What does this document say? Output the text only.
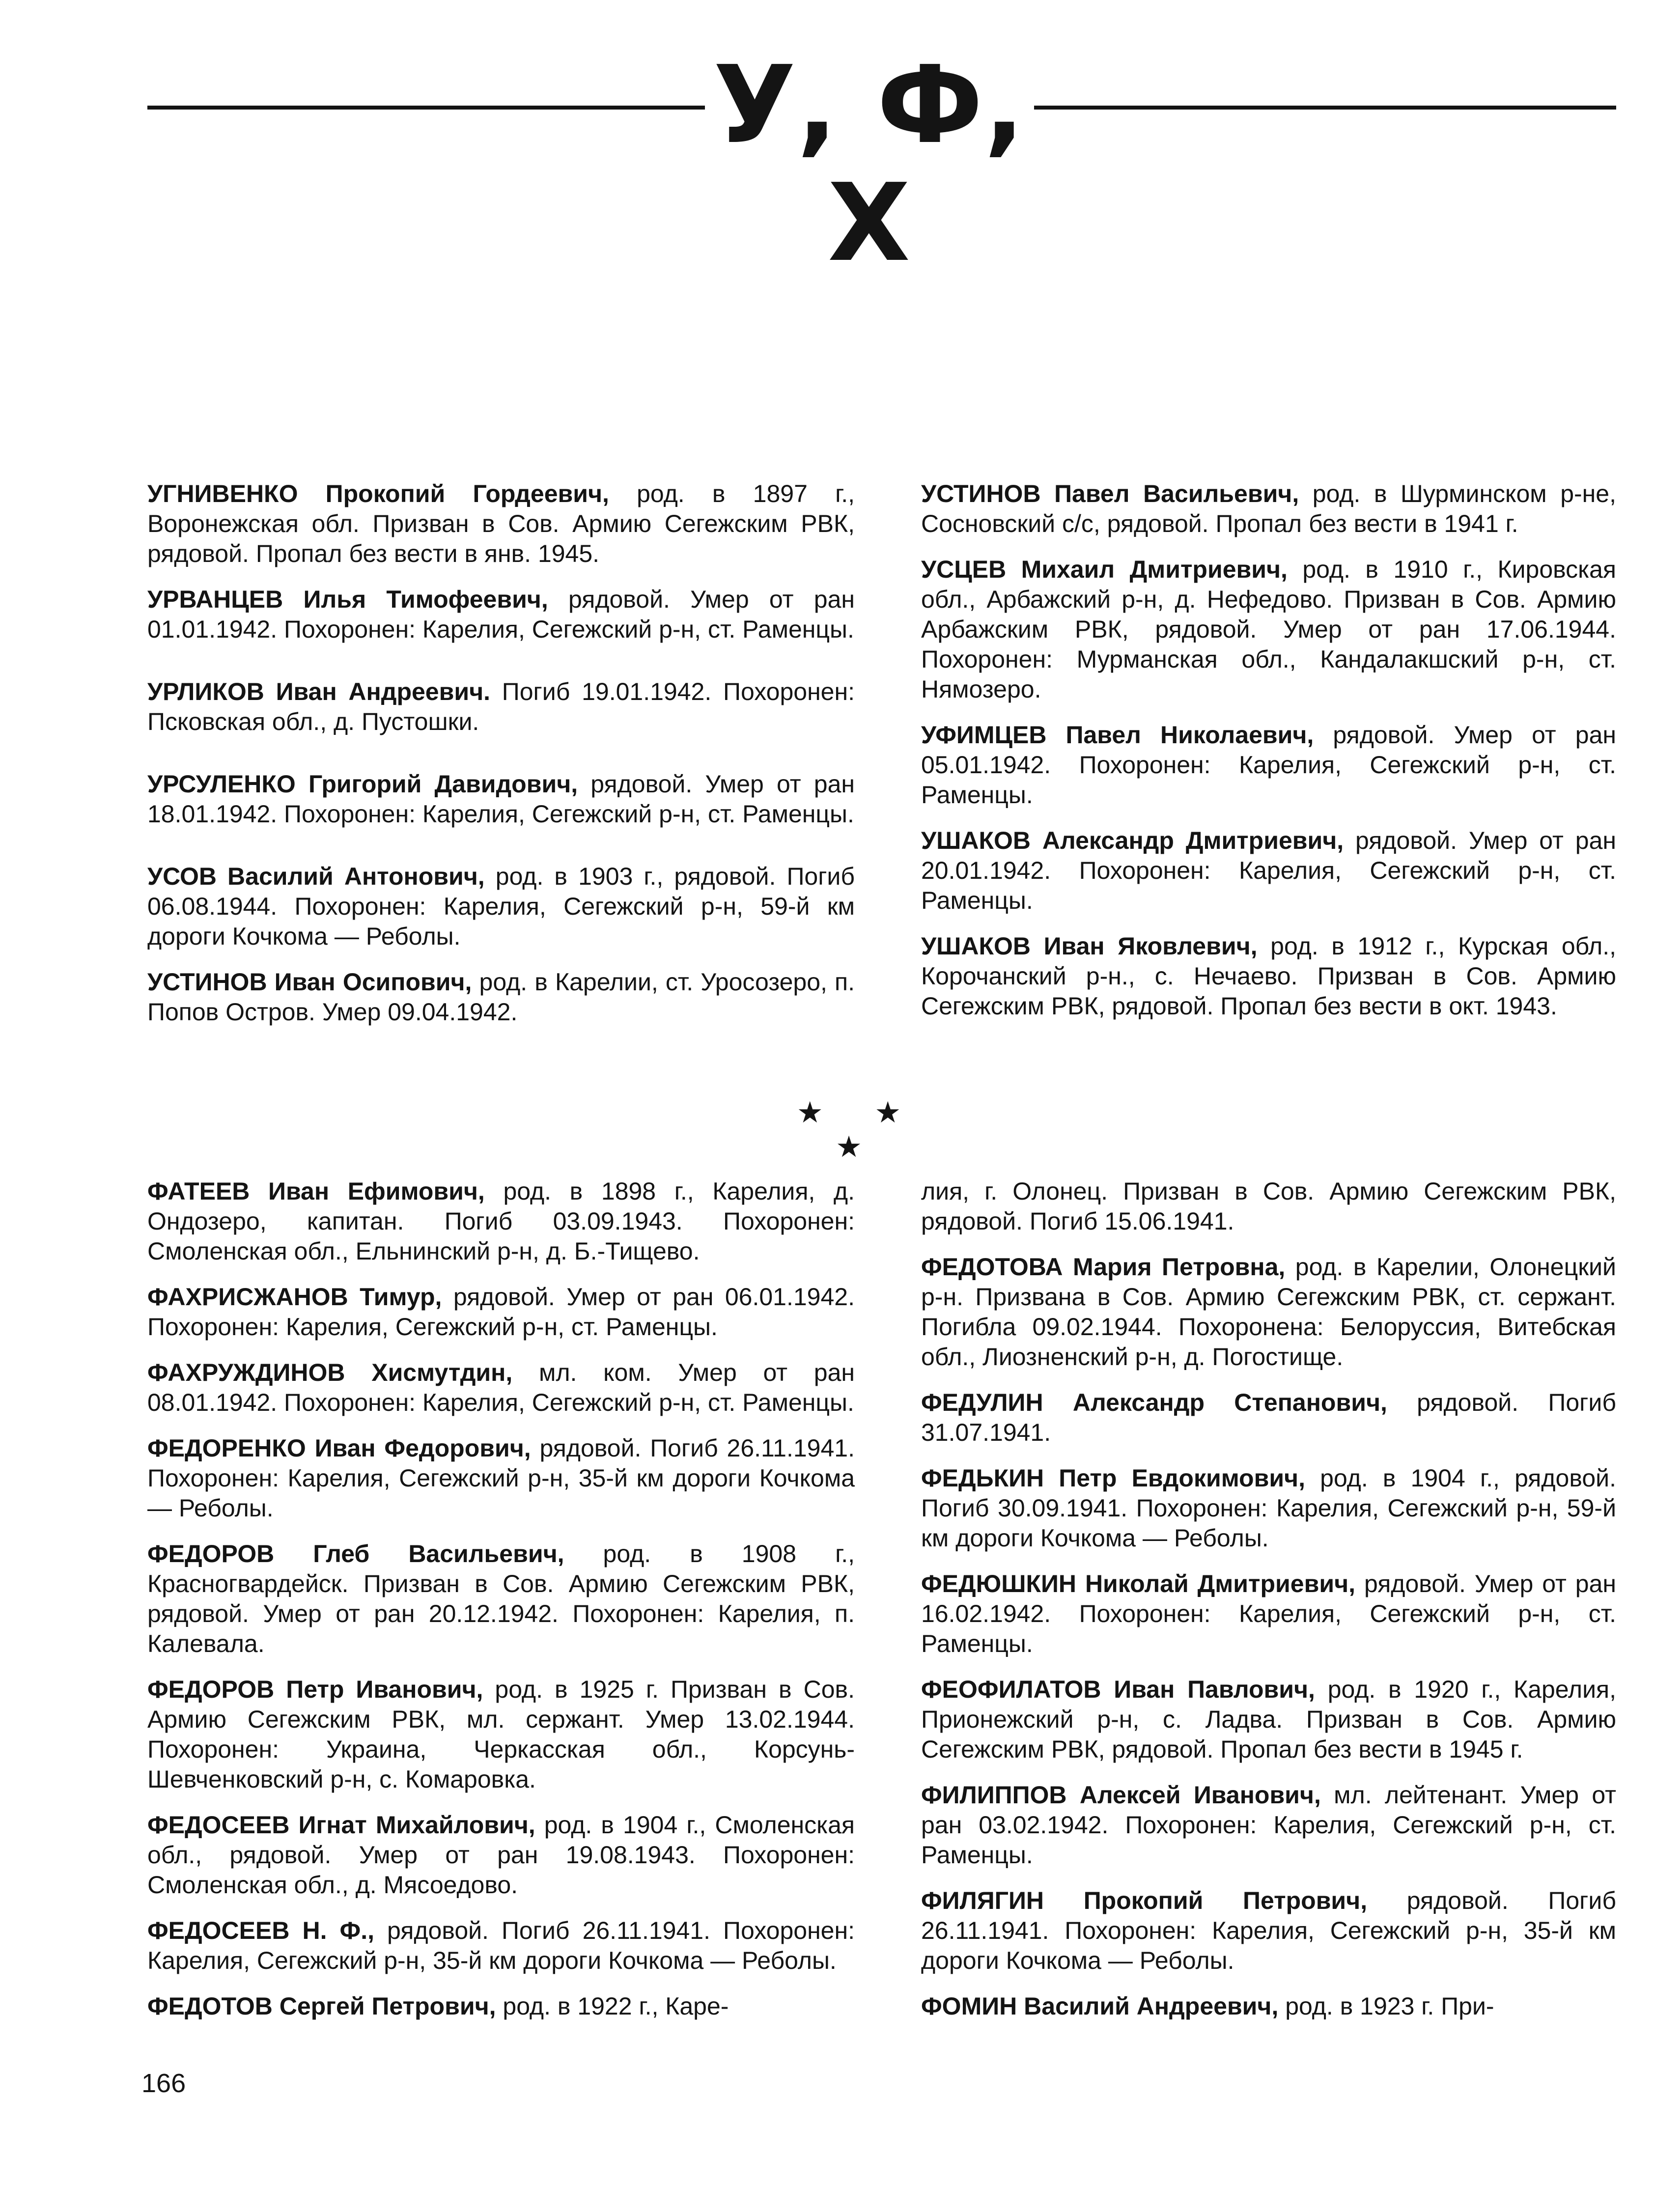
У, Ф, Х

УГНИВЕНКО Прокопий Гордеевич, род. в 1897 г., Воронежская обл. Призван в Сов. Армию Сегежским РВК, рядовой. Пропал без вести в янв. 1945.

УРВАНЦЕВ Илья Тимофеевич, рядовой. Умер от ран 01.01.1942. Похоронен: Карелия, Сегежский р-н, ст. Раменцы.

УРЛИКОВ Иван Андреевич. Погиб 19.01.1942. Похоронен: Псковская обл., д. Пустошки.

УРСУЛЕНКО Григорий Давидович, рядовой. Умер от ран 18.01.1942. Похоронен: Карелия, Сегежский р-н, ст. Раменцы.

УСОВ Василий Антонович, род. в 1903 г., рядовой. Погиб 06.08.1944. Похоронен: Карелия, Сегежский р-н, 59-й км дороги Кочкома — Реболы.

УСТИНОВ Иван Осипович, род. в Карелии, ст. Уросозеро, п. Попов Остров. Умер 09.04.1942.

УСТИНОВ Павел Васильевич, род. в Шурминском р-не, Сосновский с/с, рядовой. Пропал без вести в 1941 г.

УСЦЕВ Михаил Дмитриевич, род. в 1910 г., Кировская обл., Арбажский р-н, д. Нефедово. Призван в Сов. Армию Арбажским РВК, рядовой. Умер от ран 17.06.1944. Похоронен: Мурманская обл., Кандалакшский р-н, ст. Нямозеро.

УФИМЦЕВ Павел Николаевич, рядовой. Умер от ран 05.01.1942. Похоронен: Карелия, Сегежский р-н, ст. Раменцы.

УШАКОВ Александр Дмитриевич, рядовой. Умер от ран 20.01.1942. Похоронен: Карелия, Сегежский р-н, ст. Раменцы.

УШАКОВ Иван Яковлевич, род. в 1912 г., Курская обл., Корочанский р-н., с. Нечаево. Призван в Сов. Армию Сегежским РВК, рядовой. Пропал без вести в окт. 1943.

★ ★ ★

ФАТЕЕВ Иван Ефимович, род. в 1898 г., Карелия, д. Ондозеро, капитан. Погиб 03.09.1943. Похоронен: Смоленская обл., Ельнинский р-н, д. Б.-Тищево.

ФАХРИСЖАНОВ Тимур, рядовой. Умер от ран 06.01.1942. Похоронен: Карелия, Сегежский р-н, ст. Раменцы.

ФАХРУЖДИНОВ Хисмутдин, мл. ком. Умер от ран 08.01.1942. Похоронен: Карелия, Сегежский р-н, ст. Раменцы.

ФЕДОРЕНКО Иван Федорович, рядовой. Погиб 26.11.1941. Похоронен: Карелия, Сегежский р-н, 35-й км дороги Кочкома — Реболы.

ФЕДОРОВ Глеб Васильевич, род. в 1908 г., Красногвардейск. Призван в Сов. Армию Сегежским РВК, рядовой. Умер от ран 20.12.1942. Похоронен: Карелия, п. Калевала.

ФЕДОРОВ Петр Иванович, род. в 1925 г. Призван в Сов. Армию Сегежским РВК, мл. сержант. Умер 13.02.1944. Похоронен: Украина, Черкасская обл., Корсунь-Шевченковский р-н, с. Комаровка.

ФЕДОСЕЕВ Игнат Михайлович, род. в 1904 г., Смоленская обл., рядовой. Умер от ран 19.08.1943. Похоронен: Смоленская обл., д. Мясоедово.

ФЕДОСЕЕВ Н. Ф., рядовой. Погиб 26.11.1941. Похоронен: Карелия, Сегежский р-н, 35-й км дороги Кочкома — Реболы.

ФЕДОТОВ Сергей Петрович, род. в 1922 г., Каре-

лия, г. Олонец. Призван в Сов. Армию Сегежским РВК, рядовой. Погиб 15.06.1941.

ФЕДОТОВА Мария Петровна, род. в Карелии, Олонецкий р-н. Призвана в Сов. Армию Сегежским РВК, ст. сержант. Погибла 09.02.1944. Похоронена: Белоруссия, Витебская обл., Лиозненский р-н, д. Погостище.

ФЕДУЛИН Александр Степанович, рядовой. Погиб 31.07.1941.

ФЕДЬКИН Петр Евдокимович, род. в 1904 г., рядовой. Погиб 30.09.1941. Похоронен: Карелия, Сегежский р-н, 59-й км дороги Кочкома — Реболы.

ФЕДЮШКИН Николай Дмитриевич, рядовой. Умер от ран 16.02.1942. Похоронен: Карелия, Сегежский р-н, ст. Раменцы.

ФЕОФИЛАТОВ Иван Павлович, род. в 1920 г., Карелия, Прионежский р-н, с. Ладва. Призван в Сов. Армию Сегежским РВК, рядовой. Пропал без вести в 1945 г.

ФИЛИППОВ Алексей Иванович, мл. лейтенант. Умер от ран 03.02.1942. Похоронен: Карелия, Сегежский р-н, ст. Раменцы.

ФИЛЯГИН Прокопий Петрович, рядовой. Погиб 26.11.1941. Похоронен: Карелия, Сегежский р-н, 35-й км дороги Кочкома — Реболы.

ФОМИН Василий Андреевич, род. в 1923 г. При-

166
